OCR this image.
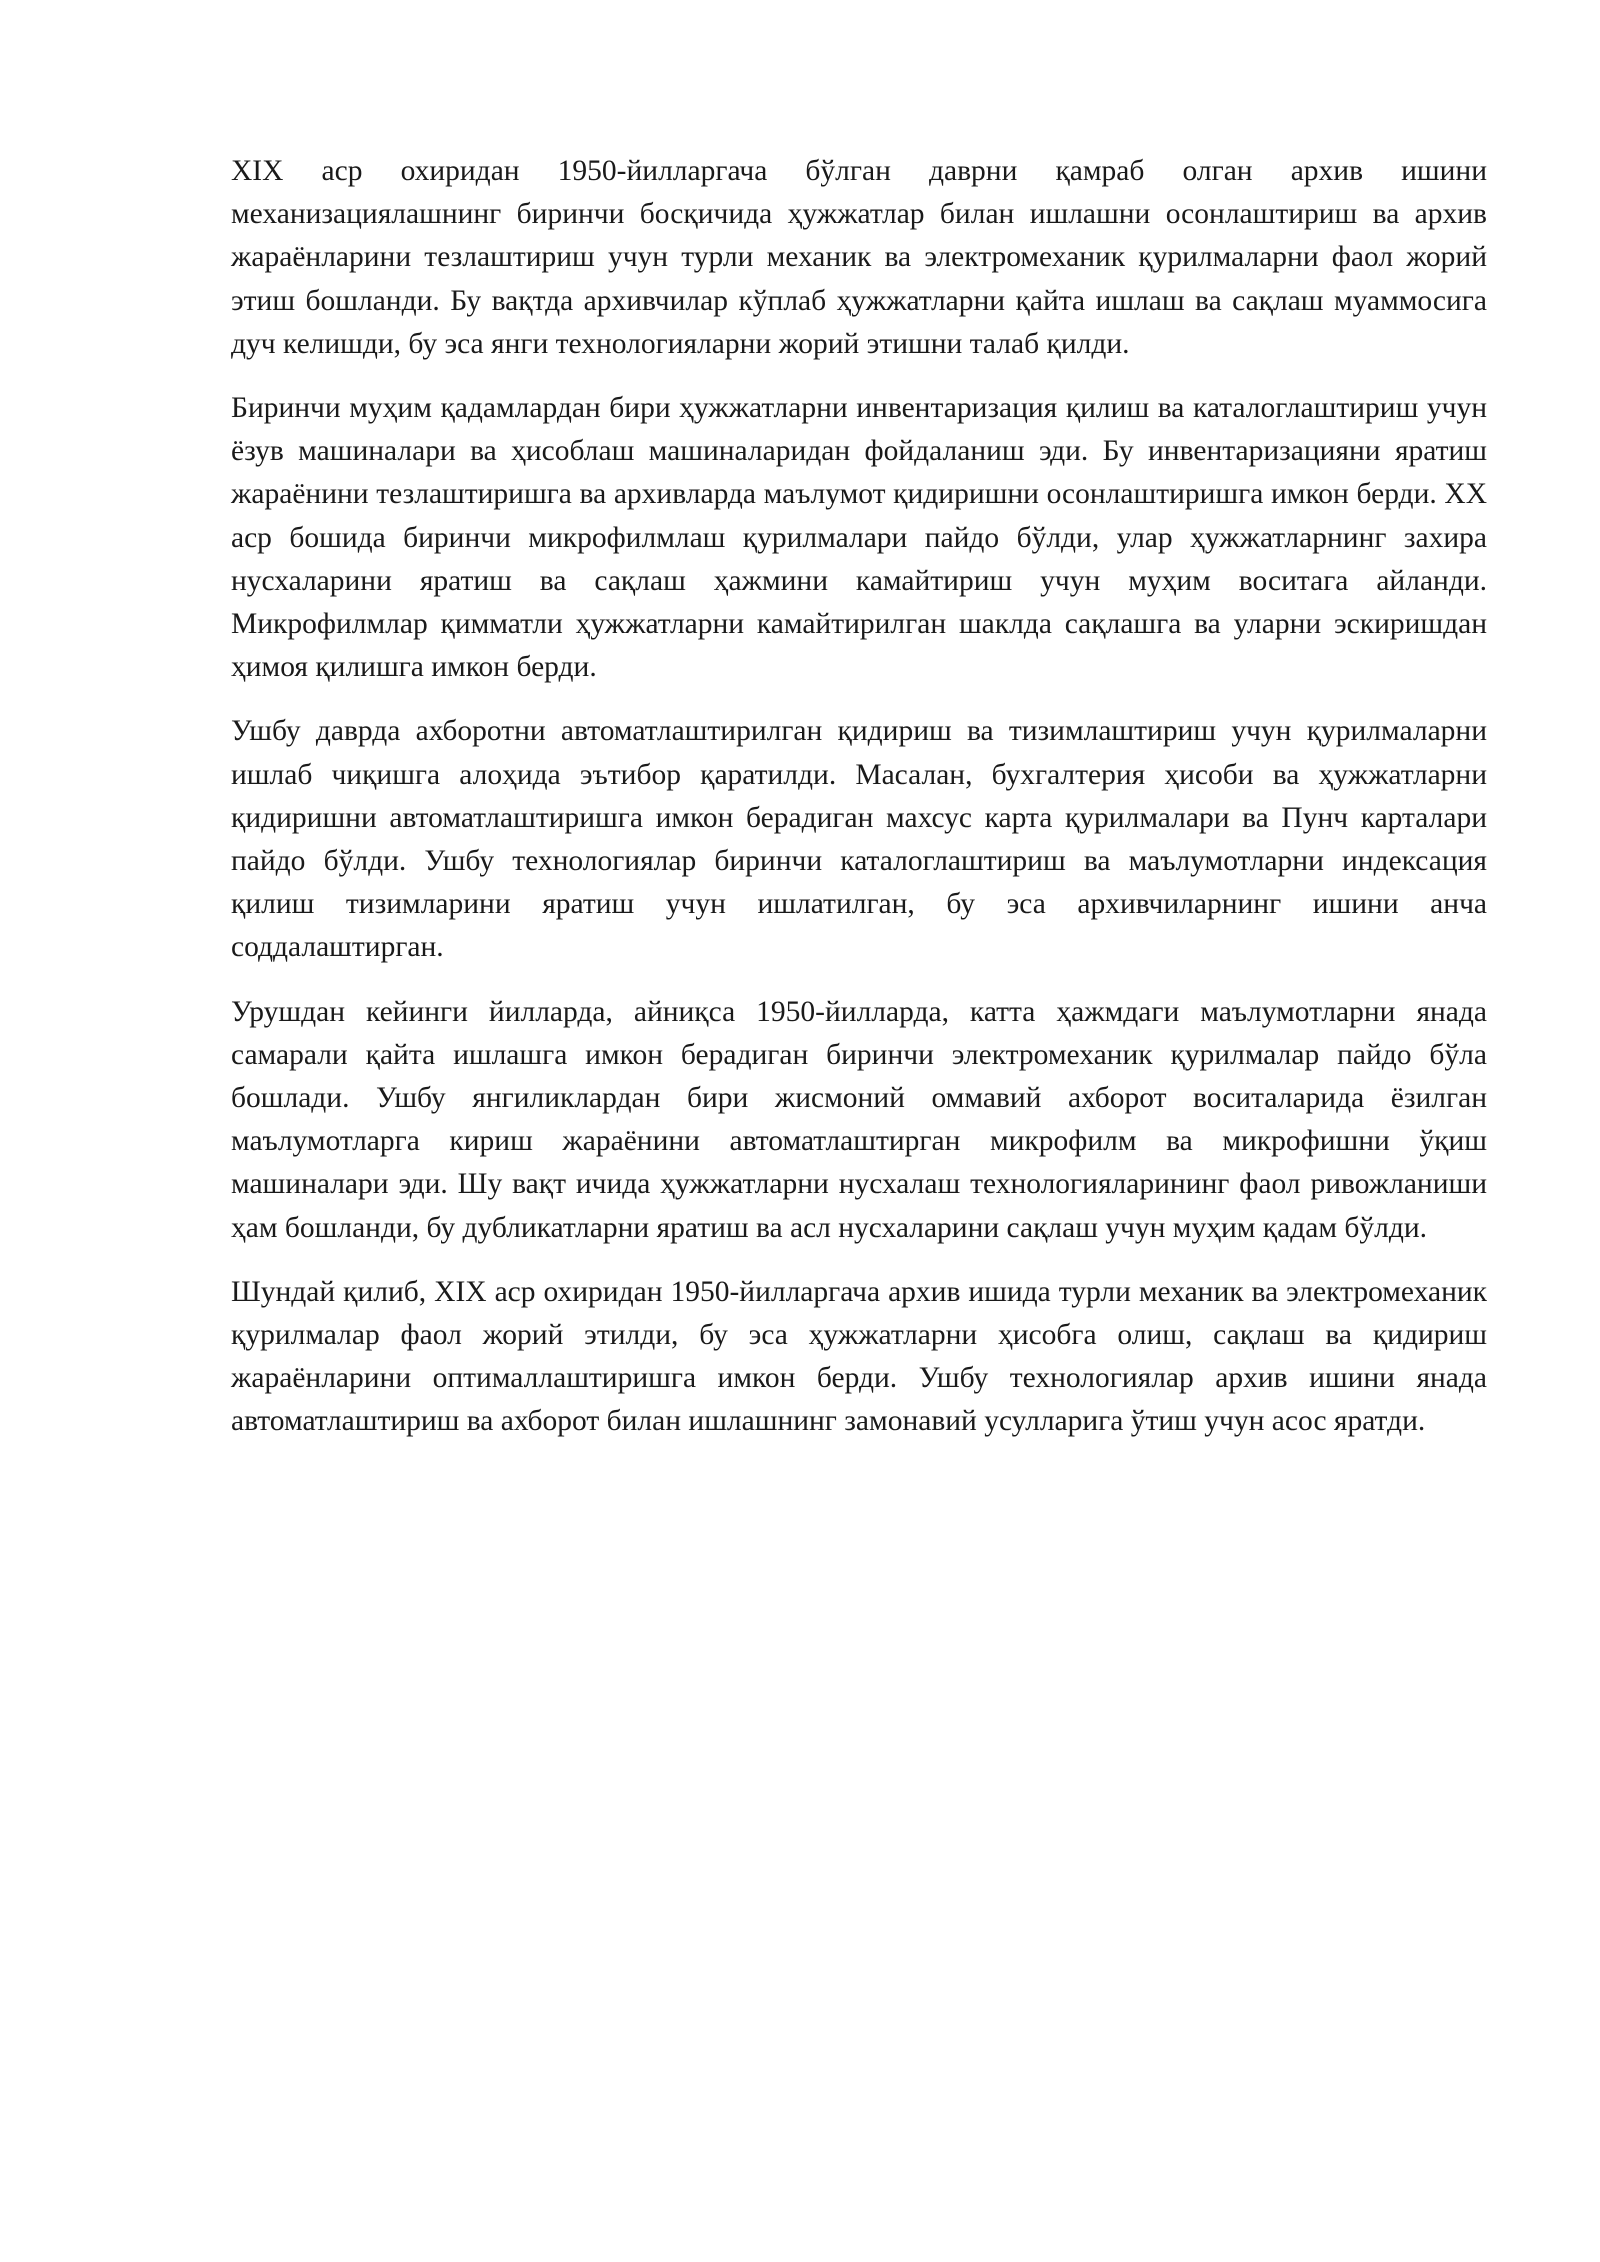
XIX аср охиридан 1950-йилларгача бўлган даврни қамраб олган архив ишини механизациялашнинг биринчи босқичида ҳужжатлар билан ишлашни осонлаштириш ва архив жараёнларини тезлаштириш учун турли механик ва электромеханик қурилмаларни фаол жорий этиш бошланди. Бу вақтда архивчилар кўплаб ҳужжатларни қайта ишлаш ва сақлаш муаммосига дуч келишди, бу эса янги технологияларни жорий этишни талаб қилди.

Биринчи муҳим қадамлардан бири ҳужжатларни инвентаризация қилиш ва каталоглаштириш учун ёзув машиналари ва ҳисоблаш машиналаридан фойдаланиш эди. Бу инвентаризацияни яратиш жараёнини тезлаштиришга ва архивларда маълумот қидиришни осонлаштиришга имкон берди. XX аср бошида биринчи микрофилмлаш қурилмалари пайдо бўлди, улар ҳужжатларнинг захира нусхаларини яратиш ва сақлаш ҳажмини камайтириш учун муҳим воситага айланди. Микрофилмлар қимматли ҳужжатларни камайтирилган шаклда сақлашга ва уларни эскиришдан ҳимоя қилишга имкон берди.

Ушбу даврда ахборотни автоматлаштирилган қидириш ва тизимлаштириш учун қурилмаларни ишлаб чиқишга алоҳида эътибор қаратилди. Масалан, бухгалтерия ҳисоби ва ҳужжатларни қидиришни автоматлаштиришга имкон берадиган махсус карта қурилмалари ва Пунч карталари пайдо бўлди. Ушбу технологиялар биринчи каталоглаштириш ва маълумотларни индексация қилиш тизимларини яратиш учун ишлатилган, бу эса архивчиларнинг ишини анча соддалаштирган.

Урушдан кейинги йилларда, айниқса 1950-йилларда, катта ҳажмдаги маълумотларни янада самарали қайта ишлашга имкон берадиган биринчи электромеханик қурилмалар пайдо бўла бошлади. Ушбу янгиликлардан бири жисмоний оммавий ахборот воситаларида ёзилган маълумотларга кириш жараёнини автоматлаштирган микрофилм ва микрофишни ўқиш машиналари эди. Шу вақт ичида ҳужжатларни нусхалаш технологияларининг фаол ривожланиши ҳам бошланди, бу дубликатларни яратиш ва асл нусхаларини сақлаш учун муҳим қадам бўлди.

Шундай қилиб, XIX аср охиридан 1950-йилларгача архив ишида турли механик ва электромеханик қурилмалар фаол жорий этилди, бу эса ҳужжатларни ҳисобга олиш, сақлаш ва қидириш жараёнларини оптималлаштиришга имкон берди. Ушбу технологиялар архив ишини янада автоматлаштириш ва ахборот билан ишлашнинг замонавий усулларига ўтиш учун асос яратди.
